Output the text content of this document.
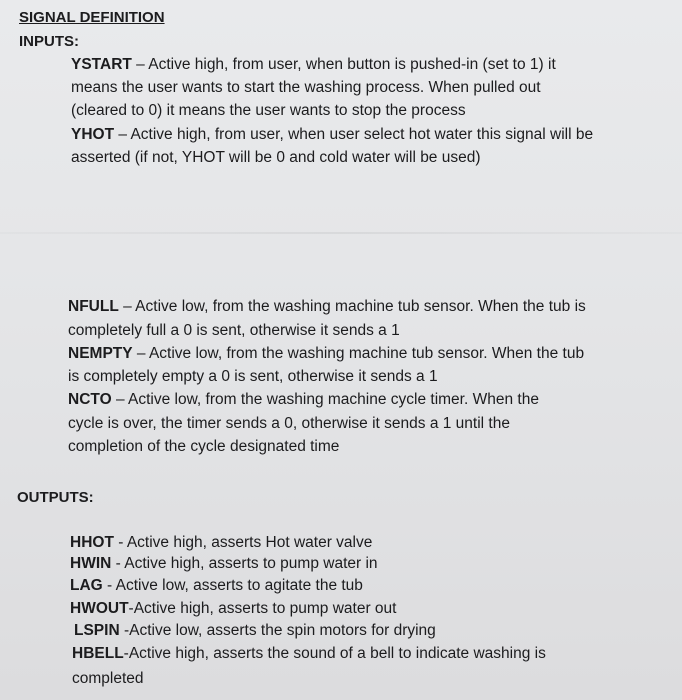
SIGNAL DEFINITION
INPUTS:
YSTART – Active high, from user, when button is pushed-in (set to 1) it
means the user wants to start the washing process. When pulled out
(cleared to 0) it means the user wants to stop the process
YHOT – Active high, from user, when user select hot water this signal will be
asserted (if not, YHOT will be 0 and cold water will be used)
NFULL – Active low, from the washing machine tub sensor. When the tub is
completely full a 0 is sent, otherwise it sends a 1
NEMPTY – Active low, from the washing machine tub sensor. When the tub
is completely empty a 0 is sent, otherwise it sends a 1
NCTO – Active low, from the washing machine cycle timer. When the
cycle is over, the timer sends a 0, otherwise it sends a 1 until the
completion of the cycle designated time
OUTPUTS:
HHOT - Active high, asserts Hot water valve
HWIN - Active high, asserts to pump water in
LAG - Active low, asserts to agitate the tub
HWOUT-Active high, asserts to pump water out
LSPIN -Active low, asserts the spin motors for drying
HBELL-Active high, asserts the sound of a bell to indicate washing is
completed
